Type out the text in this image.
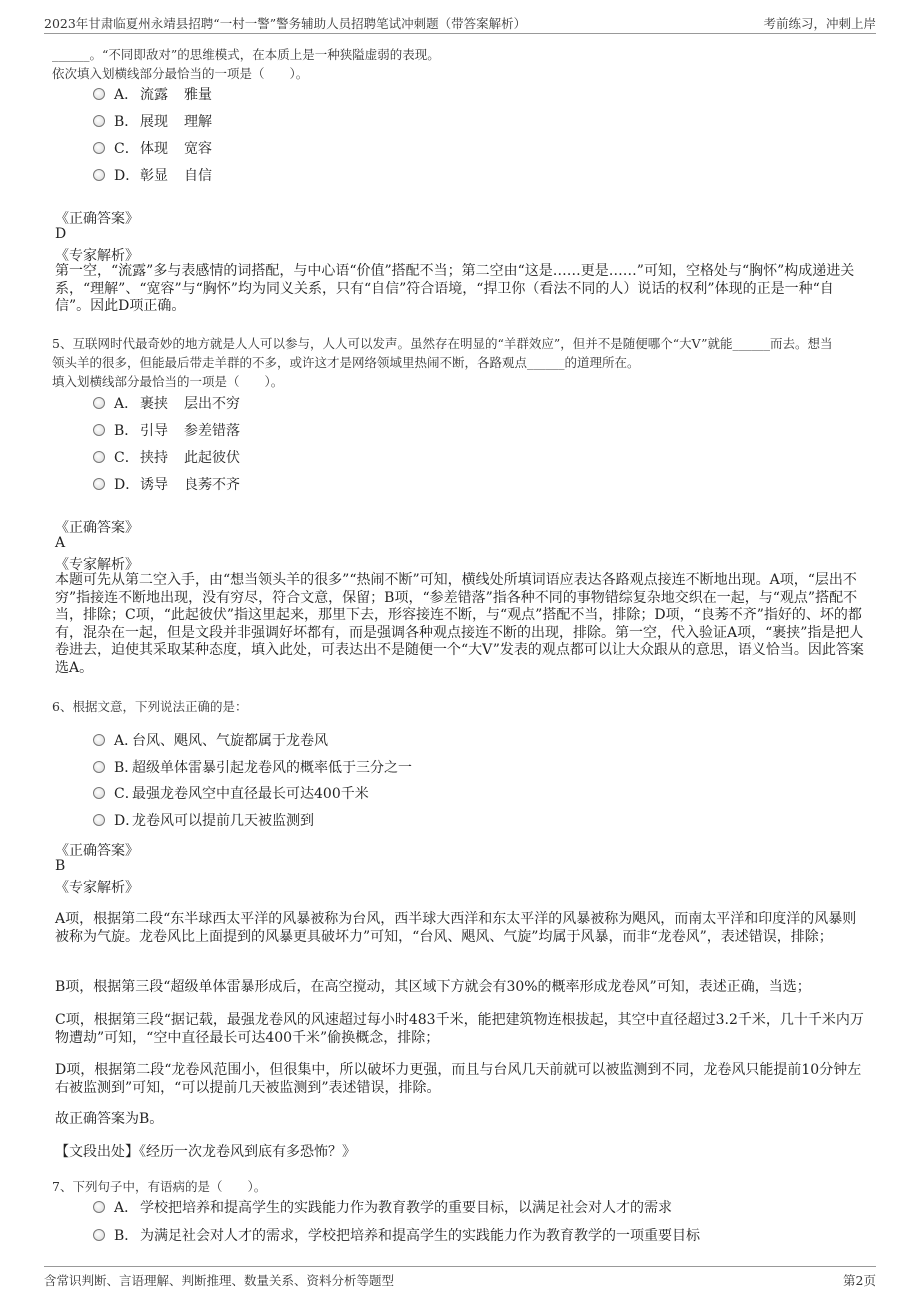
2023年甘肃临夏州永靖县招聘“一村一警”警务辅助人员招聘笔试冲刺题（带答案解析）	考前练习，冲刺上岸
______。“不同即敌对”的思维模式，在本质上是一种狭隘虚弱的表现。
依次填入划横线部分最恰当的一项是（　　）。
A． 流露 雅量
B． 展现 理解
C． 体现 宽容
D． 彰显 自信
《正确答案》
D
《专家解析》
第一空，“流露”多与表感情的词搭配，与中心语“价值”搭配不当；第二空由“这是……更是……”可知，空格处与“胸怀”构成递进关系，“理解”、“宽容”与“胸怀”均为同义关系，只有“自信”符合语境，“捍卫你（看法不同的人）说话的权利”体现的正是一种“自信”。因此D项正确。
5、互联网时代最奇妙的地方就是人人可以参与，人人可以发声。虽然存在明显的“羊群效应”，但并不是随便哪个“大V”就能______而去。想当
领头羊的很多，但能最后带走羊群的不多，或许这才是网络领域里热闹不断，各路观点______的道理所在。
填入划横线部分最恰当的一项是（　　）。
A． 裹挟 层出不穷
B． 引导 参差错落
C． 挟持 此起彼伏
D． 诱导 良莠不齐
《正确答案》
A
《专家解析》
本题可先从第二空入手，由“想当领头羊的很多”“热闹不断”可知，横线处所填词语应表达各路观点接连不断地出现。A项，“层出不穷”指接连不断地出现，没有穷尽，符合文意，保留；B项，“参差错落”指各种不同的事物错综复杂地交织在一起，与“观点”搭配不当，排除；C项，“此起彼伏”指这里起来，那里下去，形容接连不断，与“观点”搭配不当，排除；D项，“良莠不齐”指好的、坏的都有，混杂在一起，但是文段并非强调好坏都有，而是强调各种观点接连不断的出现，排除。第一空，代入验证A项，“裹挟”指是把人卷进去，迫使其采取某种态度，填入此处，可表达出不是随便一个“大V”发表的观点都可以让大众跟从的意思，语义恰当。因此答案选A。
6、根据文意，下列说法正确的是：
A．
台风、飓风、气旋都属于龙卷风
B．
超级单体雷暴引起龙卷风的概率低于三分之一
C．
最强龙卷风空中直径最长可达400千米
D．
龙卷风可以提前几天被监测到
《正确答案》
B
《专家解析》
A项，根据第二段“东半球西太平洋的风暴被称为台风，西半球大西洋和东太平洋的风暴被称为飓风，而南太平洋和印度洋的风暴则被称为气旋。龙卷风比上面提到的风暴更具破坏力”可知，“台风、飓风、气旋”均属于风暴，而非“龙卷风”，表述错误，排除；
B项，根据第三段“超级单体雷暴形成后，在高空搅动，其区域下方就会有30%的概率形成龙卷风”可知，表述正确，当选；
C项，根据第三段“据记载，最强龙卷风的风速超过每小时483千米，能把建筑物连根拔起，其空中直径超过3.2千米，几十千米内万物遭劫”可知，“空中直径最长可达400千米”偷换概念，排除；
D项，根据第二段“龙卷风范围小，但很集中，所以破坏力更强，而且与台风几天前就可以被监测到不同，龙卷风只能提前10分钟左右被监测到”可知，“可以提前几天被监测到”表述错误，排除。
故正确答案为B。
【文段出处】《经历一次龙卷风到底有多恐怖？》
7、下列句子中，有语病的是（　　）。
A． 学校把培养和提高学生的实践能力作为教育教学的重要目标，以满足社会对人才的需求
B． 为满足社会对人才的需求，学校把培养和提高学生的实践能力作为教育教学的一项重要目标
含常识判断、言语理解、判断推理、数量关系、资料分析等题型	第2页
